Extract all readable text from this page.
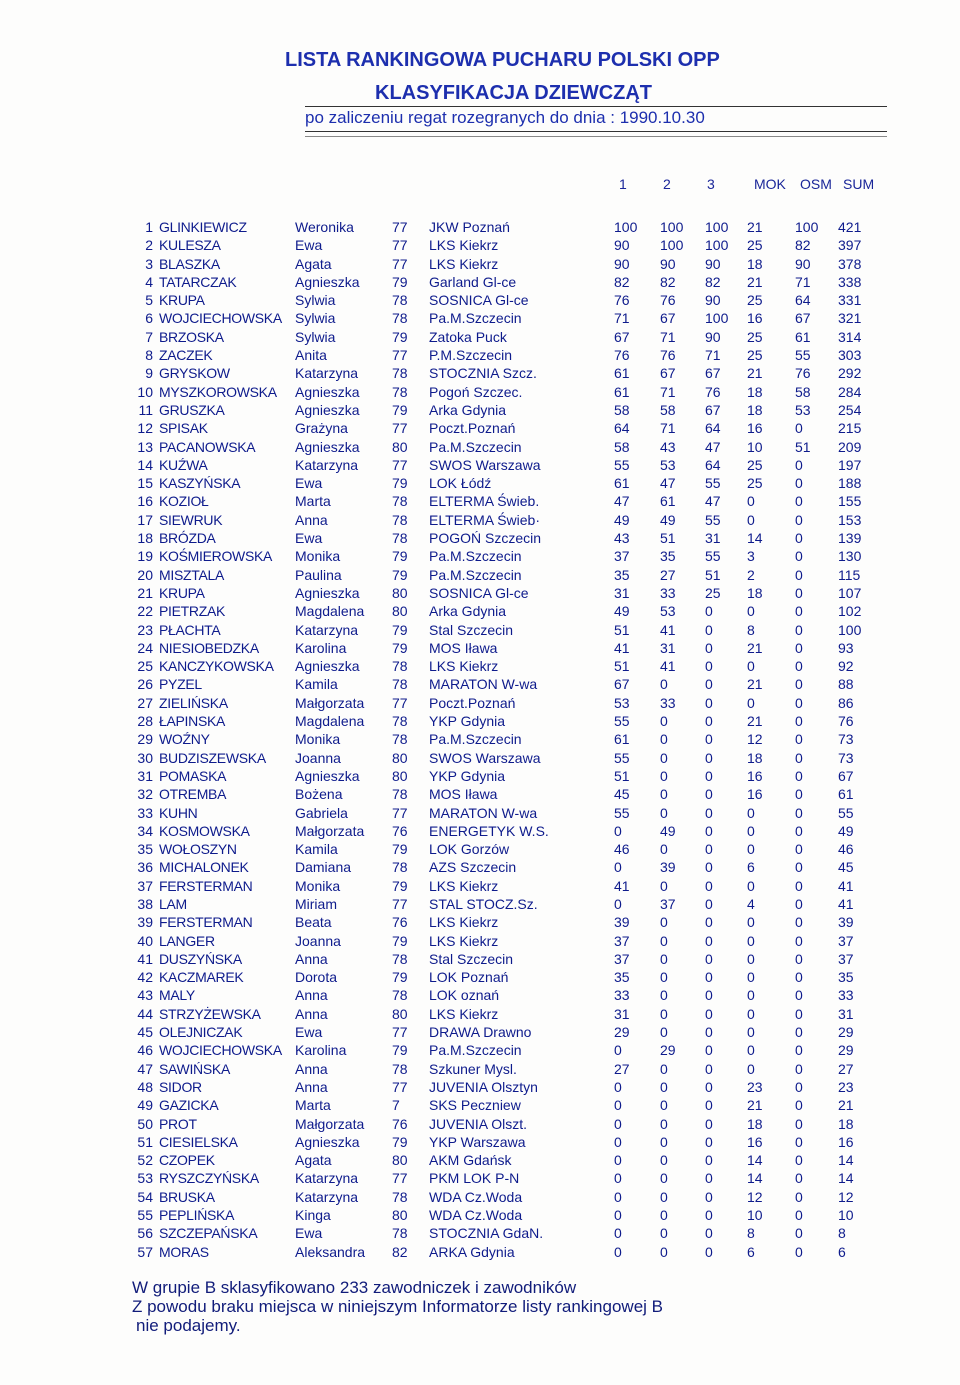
LISTA RANKINGOWA PUCHARU POLSKI OPP
KLASYFIKACJA DZIEWCZĄT
po zaliczeniu regat rozegranych do dnia : 1990.10.30
1	2	3	MOK OSM SUM
1 GLINKIEWICZ	Weronika	77 JKW Poznań	100 100 100 21 100 421
2 KULESZA	Ewa	77 LKS Kiekrz	90 100 100 25 82 397
3 BLASZKA	Agata	77 LKS Kiekrz	90 90 90 18 90 378
4 TATARCZAK	Agnieszka 79 Garland Gl-ce	82 82 82 21 71 338
5 KRUPA	Sylwia	78 SOSNICA Gl-ce	76 76 90 25 64 331
6 WOJCIECHOWSKA Sylwia	78 Pa.M.Szczecin	71 67 100 16 67 321
7 BRZOSKA	Sylwia	79 Zatoka Puck	67 71 90 25 61 314
8 ZACZEK	Anita	77 P.M.Szczecin	76 76 71 25 55 303
9 GRYSKOW	Katarzyna 78 STOCZNIA Szcz.	61 67 67 21 76 292
10 MYSZKOROWSKA Agnieszka 78 Pogoń Szczec.	61 71 76 18 58 284
11 GRUSZKA	Agnieszka 79 Arka Gdynia	58 58 67 18 53 254
12 SPISAK	Grażyna	77 Poczt.Poznań	64 71 64 16 0	215
13 PACANOWSKA	Agnieszka 80 Pa.M.Szczecin	58 43 47 10 51 209
14 KUŹWA	Katarzyna 77 SWOS Warszawa	55 53 64 25 0	197
15 KASZYŃSKA	Ewa	79 LOK Łódź	61 47 55 25 0	188
16 KOZIOŁ	Marta	78 ELTERMA Świeb.	47 61 47 0	0	155
17 SIEWRUK	Anna	78 ELTERMA Świeb·	49 49 55 0	0	153
18 BRÓZDA	Ewa	78 POGOŃ Szczecin	43 51 31 14 0	139
19 KOŚMIEROWSKA Monika	79 Pa.M.Szczecin	37 35 55 3	0	130
20 MISZTALA	Paulina	79 Pa.M.Szczecin	35 27 51 2	0	115
21 KRUPA	Agnieszka 80 SOSNICA Gl-ce	31 33 25 18 0	107
22 PIETRZAK	Magdalena 80 Arka Gdynia	49 53 0 0	0	102
23 PŁACHTA	Katarzyna 79 Stal Szczecin	51 41 0 8	0	100
24 NIESIOBEDZKA	Karolina	79 MOS Iława	41 31 0 21 0	93
25 KANCZYKOWSKA Agnieszka 78 LKS Kiekrz	51 41 0 0	0	92
26 PYZEL	Kamila	78 MARATON W-wa	67 0	0 21 0	88
27 ZIELIŃSKA	Małgorzata 77 Poczt.Poznań	53 33 0 0	0	86
28 ŁAPINSKA	Magdalena 78 YKP Gdynia	55 0	0 21 0	76
29 WOŹNY	Monika	78 Pa.M.Szczecin	61 0	0 12 0	73
30 BUDZISZEWSKA Joanna	80 SWOS Warszawa	55 0	0 18 0	73
31 POMASKA	Agnieszka 80 YKP Gdynia	51 0	0 16 0	67
32 OTREMBA	Bożena	78 MOS Iława	45 0	0 16 0	61
33 KUHN	Gabriela	77 MARATON W-wa	55 0	0 0	0	55
34 KOSMOWSKA	Małgorzata 76 ENERGETYK W.S.	0	49 0 0	0	49
35 WOŁOSZYN	Kamila	79 LOK Gorzów	46 0	0 0	0	46
36 MICHALONEK	Damiana	78 AZS Szczecin	0	39 0 6	0	45
37 FERSTERMAN	Monika	79 LKS Kiekrz	41 0	0 0	0	41
38 LAM	Miriam	77 STAL STOCZ.Sz.	0	37 0 4	0	41
39 FERSTERMAN	Beata	76 LKS Kiekrz	39 0	0 0	0	39
40 LANGER	Joanna	79 LKS Kiekrz	37 0	0 0	0	37
41 DUSZYŃSKA	Anna	78 Stal Szczecin	37 0	0 0	0	37
42 KACZMAREK	Dorota	79 LOK Poznań	35 0	0 0	0	35
43 MALY	Anna	78 LOK oznań	33 0	0 0	0	33
44 STRZYŻEWSKA Anna	80 LKS Kiekrz	31 0	0 0	0	31
45 OLEJNICZAK	Ewa	77 DRAWA Drawno	29 0	0 0	0	29
46 WOJCIECHOWSKA Karolina	79 Pa.M.Szczecin	0	29 0 0	0	29
47 SAWIŃSKA	Anna	78 Szkuner Mysl.	27 0	0 0	0	27
48 SIDOR	Anna	77 JUVENIA Olsztyn	0	0	0 23 0	23
49 GAZICKA	Marta	7 SKS Peczniew	0	0	0 21 0	21
50 PROT	Małgorzata 76 JUVENIA Olszt.	0	0	0 18 0	18
51 CIESIELSKA	Agnieszka 79 YKP Warszawa	0	0	0 16 0	16
52 CZOPEK	Agata	80 AKM Gdańsk	0	0	0 14 0	14
53 RYSZCZYŃSKA	Katarzyna 77 PKM LOK P-N	0	0	0 14 0	14
54 BRUSKA	Katarzyna 78 WDA Cz.Woda	0	0	0 12 0	12
55 PEPLIŃSKA	Kinga	80 WDA Cz.Woda	0	0	0 10 0	10
56 SZCZEPAŃSKA	Ewa	78 STOCZNIA GdaN.	0	0	0 8	0	8
57 MORAS	Aleksandra 82 ARKA Gdynia	0	0	0 6	0	6
W grupie B sklasyfikowano 233 zawodniczek i zawodników
Z powodu braku miejsca w niniejszym Informatorze listy rankingowej B
nie podajemy.
